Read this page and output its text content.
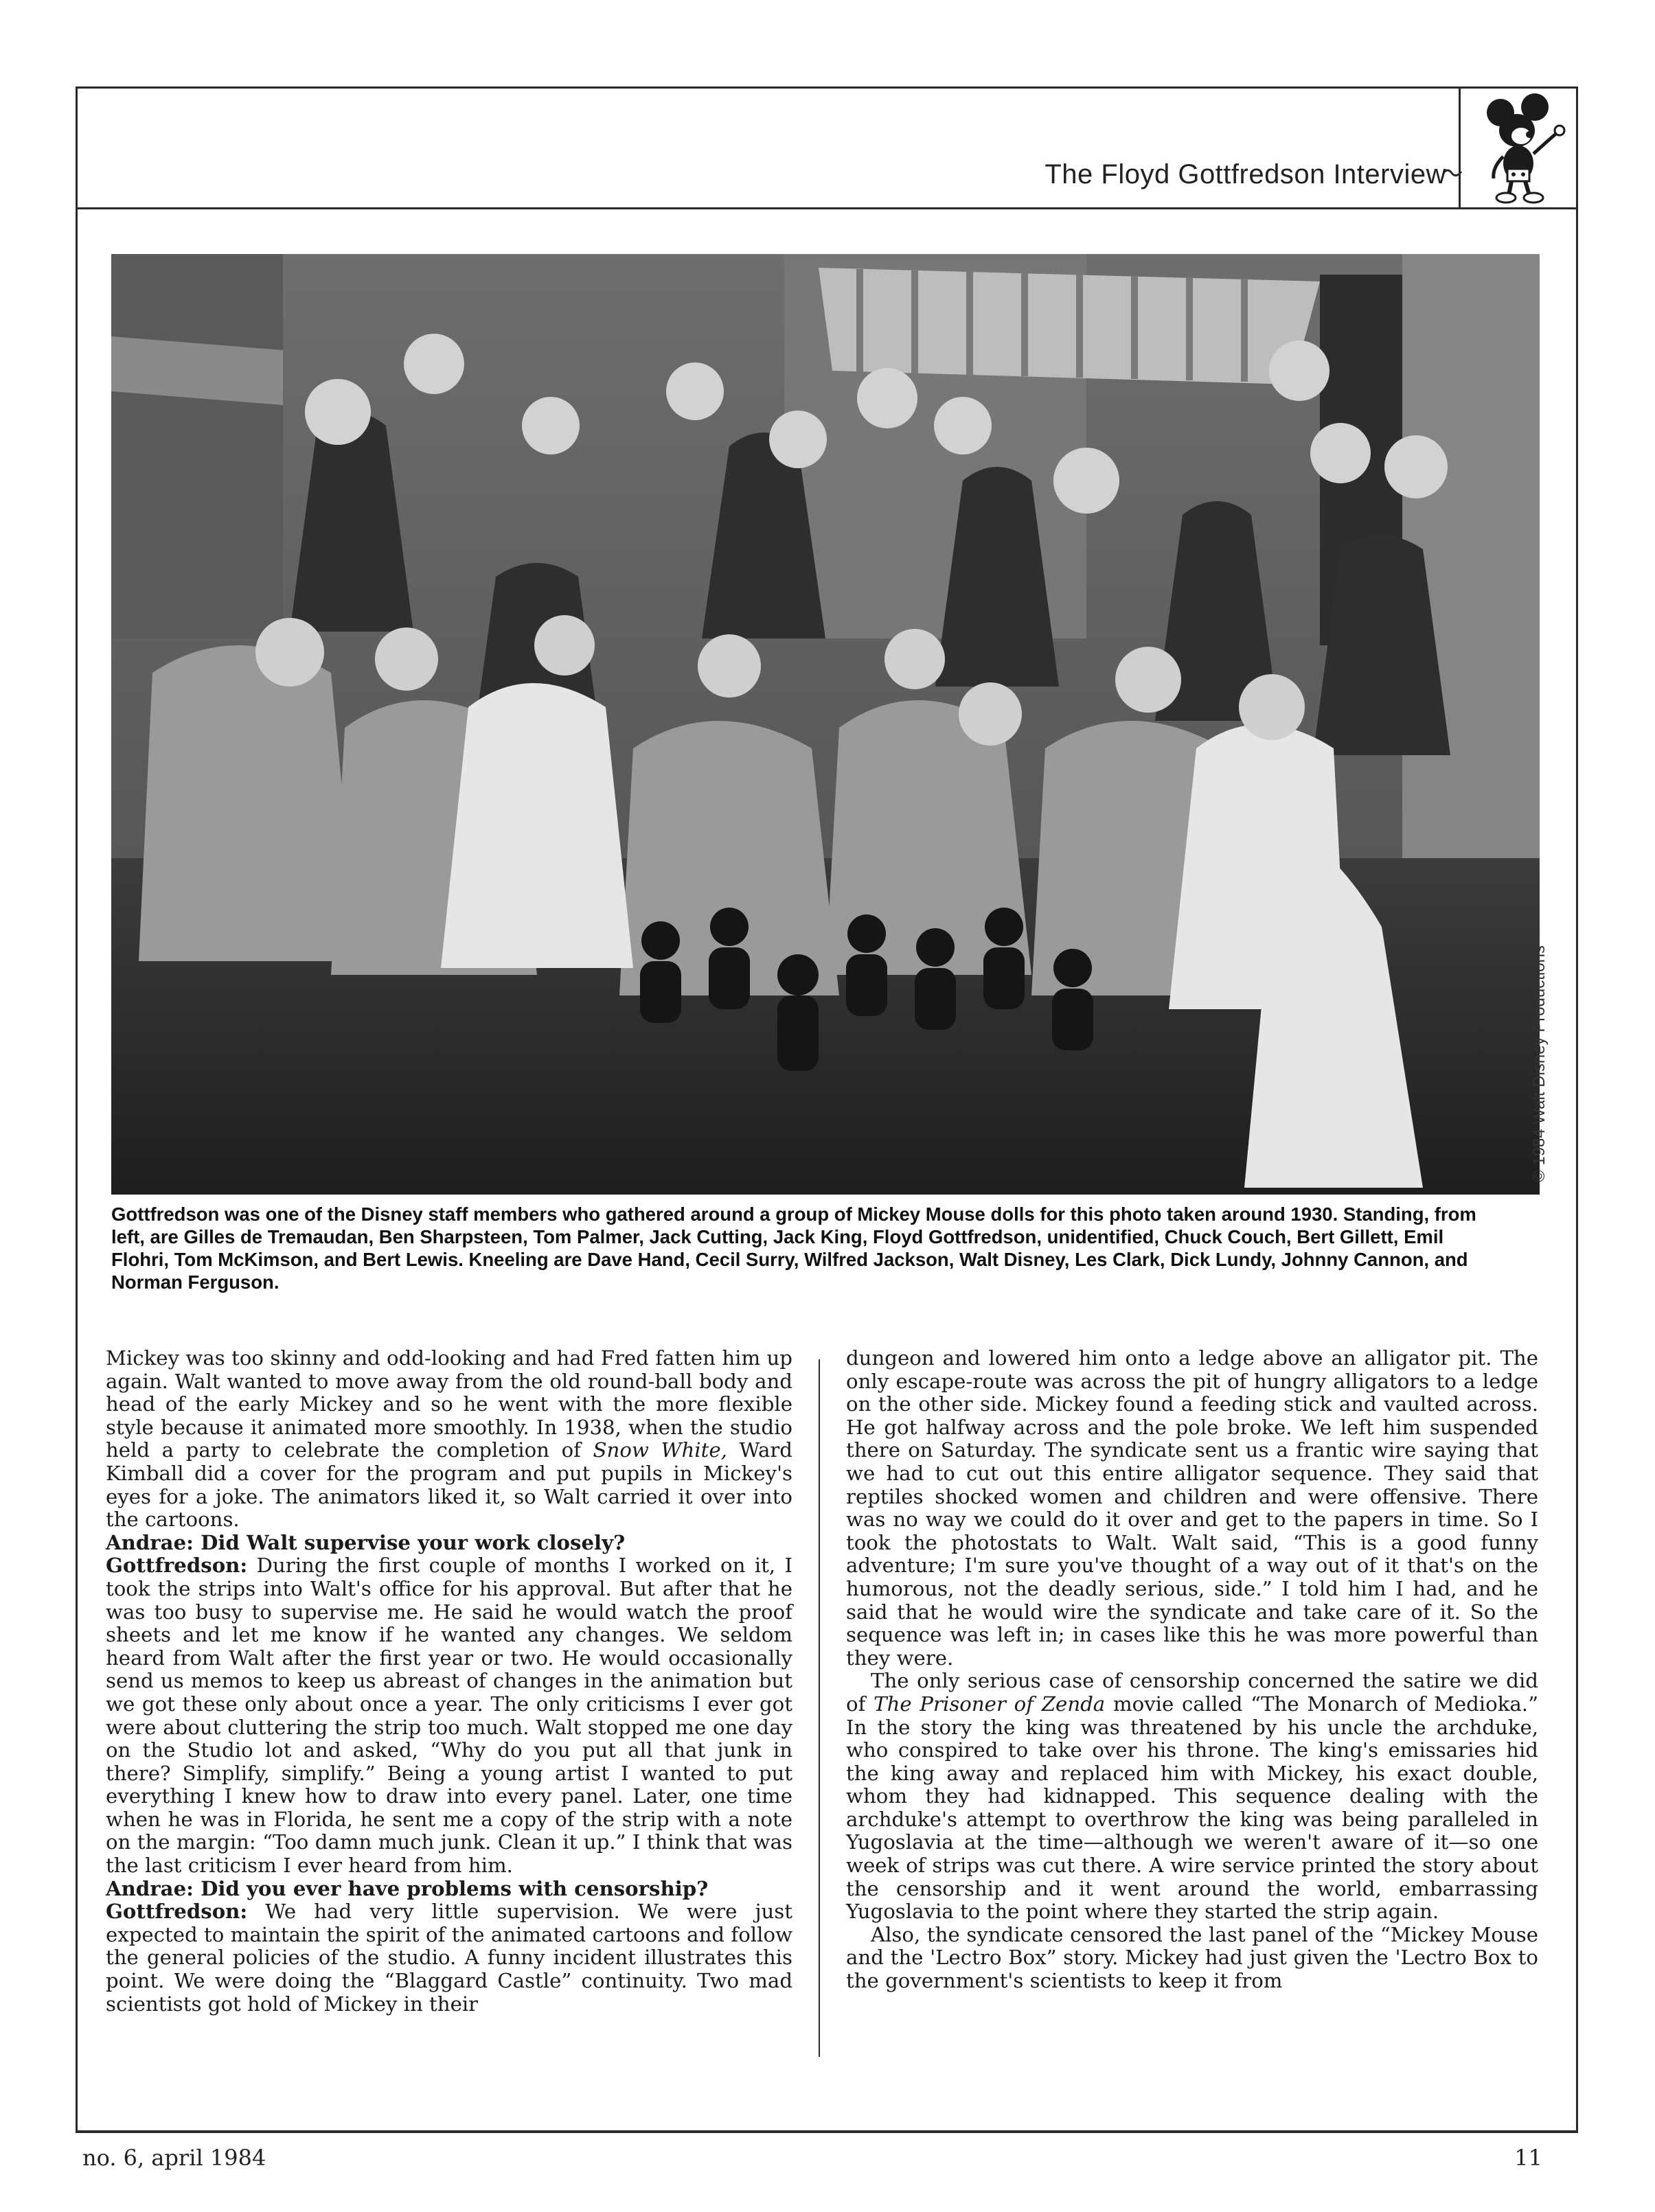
The Floyd Gottfredson Interview
© 1984 Walt Disney Productions

Gottfredson was one of the Disney staff members who gathered around a group of Mickey Mouse dolls for this photo taken around 1930. Standing, from left, are Gilles de Tremaudan, Ben Sharpsteen, Tom Palmer, Jack Cutting, Jack King, Floyd Gottfredson, unidentified, Chuck Couch, Bert Gillett, Emil Flohri, Tom McKimson, and Bert Lewis. Kneeling are Dave Hand, Cecil Surry, Wilfred Jackson, Walt Disney, Les Clark, Dick Lundy, Johnny Cannon, and Norman Ferguson.

Mickey was too skinny and odd-looking and had Fred fatten him up again. Walt wanted to move away from the old round-ball body and head of the early Mickey and so he went with the more flexible style because it animated more smoothly. In 1938, when the studio held a party to celebrate the completion of Snow White, Ward Kimball did a cover for the program and put pupils in Mickey's eyes for a joke. The animators liked it, so Walt carried it over into the cartoons.

Andrae: Did Walt supervise your work closely?

Gottfredson: During the first couple of months I worked on it, I took the strips into Walt's office for his approval. But after that he was too busy to supervise me. He said he would watch the proof sheets and let me know if he wanted any changes. We seldom heard from Walt after the first year or two. He would occasionally send us memos to keep us abreast of changes in the animation but we got these only about once a year. The only criticisms I ever got were about cluttering the strip too much. Walt stopped me one day on the Studio lot and asked, “Why do you put all that junk in there? Simplify, simplify.” Being a young artist I wanted to put everything I knew how to draw into every panel. Later, one time when he was in Florida, he sent me a copy of the strip with a note on the margin: “Too damn much junk. Clean it up.” I think that was the last criticism I ever heard from him.

Andrae: Did you ever have problems with censorship?

Gottfredson: We had very little supervision. We were just expected to maintain the spirit of the animated cartoons and follow the general policies of the studio. A funny incident illustrates this point. We were doing the “Blaggard Castle” continuity. Two mad scientists got hold of Mickey in their

dungeon and lowered him onto a ledge above an alligator pit. The only escape-route was across the pit of hungry alligators to a ledge on the other side. Mickey found a feeding stick and vaulted across. He got halfway across and the pole broke. We left him suspended there on Saturday. The syndicate sent us a frantic wire saying that we had to cut out this entire alligator sequence. They said that reptiles shocked women and children and were offensive. There was no way we could do it over and get to the papers in time. So I took the photostats to Walt. Walt said, “This is a good funny adventure; I'm sure you've thought of a way out of it that's on the humorous, not the deadly serious, side.” I told him I had, and he said that he would wire the syndicate and take care of it. So the sequence was left in; in cases like this he was more powerful than they were.

The only serious case of censorship concerned the satire we did of The Prisoner of Zenda movie called “The Monarch of Medioka.” In the story the king was threatened by his uncle the archduke, who conspired to take over his throne. The king's emissaries hid the king away and replaced him with Mickey, his exact double, whom they had kidnapped. This sequence dealing with the archduke's attempt to overthrow the king was being paralleled in Yugoslavia at the time—although we weren't aware of it—so one week of strips was cut there. A wire service printed the story about the censorship and it went around the world, embarrassing Yugoslavia to the point where they started the strip again.

Also, the syndicate censored the last panel of the “Mickey Mouse and the 'Lectro Box” story. Mickey had just given the 'Lectro Box to the government's scientists to keep it from

no. 6, april 1984	11
